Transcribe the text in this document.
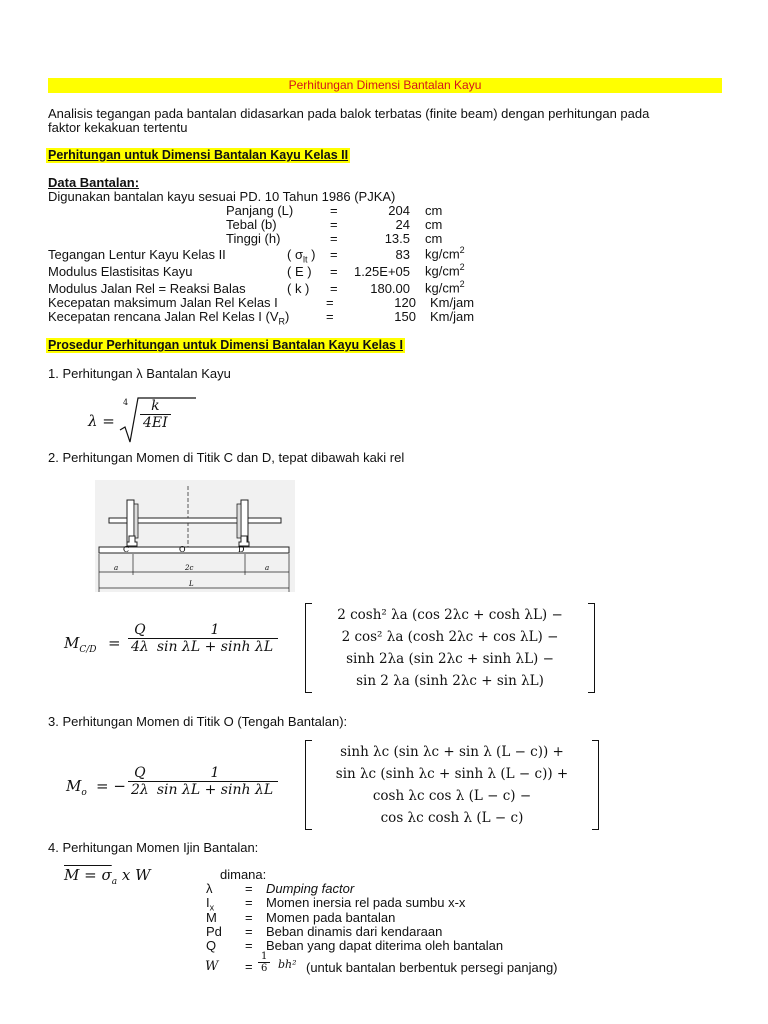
Perhitungan Dimensi Bantalan Kayu
Analisis tegangan pada bantalan didasarkan pada balok terbatas (finite beam) dengan perhitungan pada
faktor kekakuan tertentu
Perhitungan untuk Dimensi Bantalan Kayu Kelas II
Data Bantalan:
Digunakan bantalan kayu sesuai PD. 10 Tahun 1986 (PJKA)
Panjang (L)	=	204 cm
Tebal (b)	=	24 cm
Tinggi (h)	=	13.5 cm
Tegangan Lentur Kayu Kelas II	( $\sigma_{lt}$ ) =	83 $kg/cm^2$
Modulus Elastisitas Kayu	( E ) =	1.25E+05 $kg/cm^2$
Modulus Jalan Rel = Reaksi Balas	( k ) =	180.00 $kg/cm^2$
Kecepatan maksimum Jalan Rel Kelas I	=	120 Km/jam
Kecepatan rencana Jalan Rel Kelas I $(V_R)$	=	150 Km/jam
Prosedur Perhitungan untuk Dimensi Bantalan Kayu Kelas I
1. Perhitungan λ Bantalan Kayu
λ =
$4 \frac{k}{4EI}$
2. Perhitungan Momen di Titik C dan D, tepat dibawah kaki rel
C	O	D
a	2c	a
L
$M_{C/D} = \frac{Q}{4\lambda} \frac{1}{\text{sin λL + sinh λL}}$
2 cosh² λa (cos 2λc + cosh λL) −
2 cos² λa (cosh 2λc + cos λL) −
sinh 2λa (sin 2λc + sinh λL) −
sin 2 λa (sinh 2λc + sin λL)
3. Perhitungan Momen di Titik O (Tengah Bantalan):
$M_o$ = − $\frac{Q}{2\lambda} \frac{1}{\text{sin λL + sinh λL}}$
sinh λc (sin λc + sin λ (L − c)) +
sin λc (sinh λc + sinh λ (L − c)) +
cosh λc cos λ (L − c) −
cos λc cosh λ (L − c)
4. Perhitungan Momen Ijin Bantalan:
$M = \sigma_a$ x W	dimana:
λ	= Dumping factor
$I_x$ = Momen inersia rel pada sumbu x-x
M = Momen pada bantalan
Pd = Beban dinamis dari kendaraan
Q = Beban yang dapat diterima oleh bantalan
$W = \frac{1}{6} bh^2$ (untuk bantalan berbentuk persegi panjang)
